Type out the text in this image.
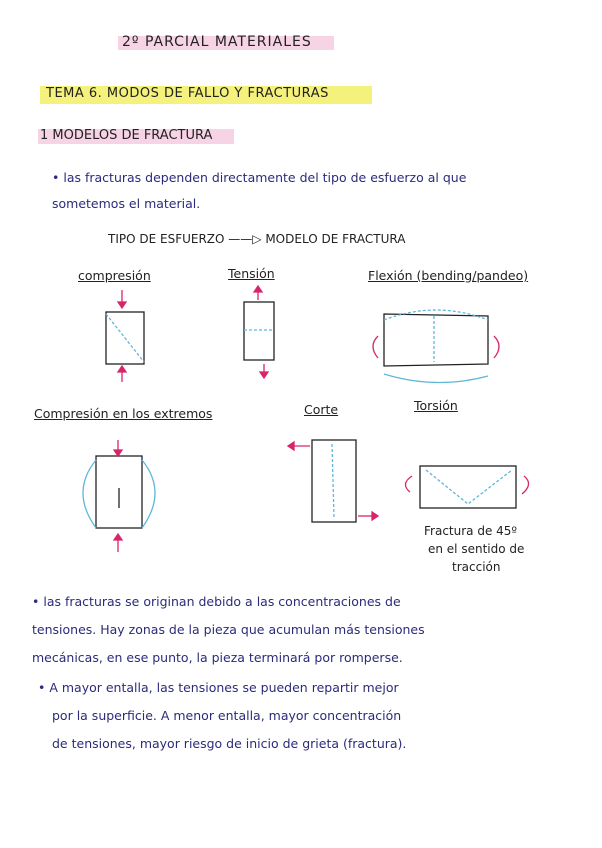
2º PARCIAL MATERIALES
TEMA 6. MODOS DE FALLO Y FRACTURAS
1 MODELOS DE FRACTURA
• las fracturas dependen directamente del tipo de esfuerzo al que
sometemos el material.
TIPO DE ESFUERZO ——▷ MODELO DE FRACTURA
compresión	Tensión	Flexión (bending/pandeo)
Compresión en los extremos	Corte	Torsión
Fractura de 45º
en el sentido de
tracción
• las fracturas se originan debido a las concentraciones de
tensiones. Hay zonas de la pieza que acumulan más tensiones
mecánicas, en ese punto, la pieza terminará por romperse.
• A mayor entalla, las tensiones se pueden repartir mejor
por la superficie. A menor entalla, mayor concentración
de tensiones, mayor riesgo de inicio de grieta (fractura).
